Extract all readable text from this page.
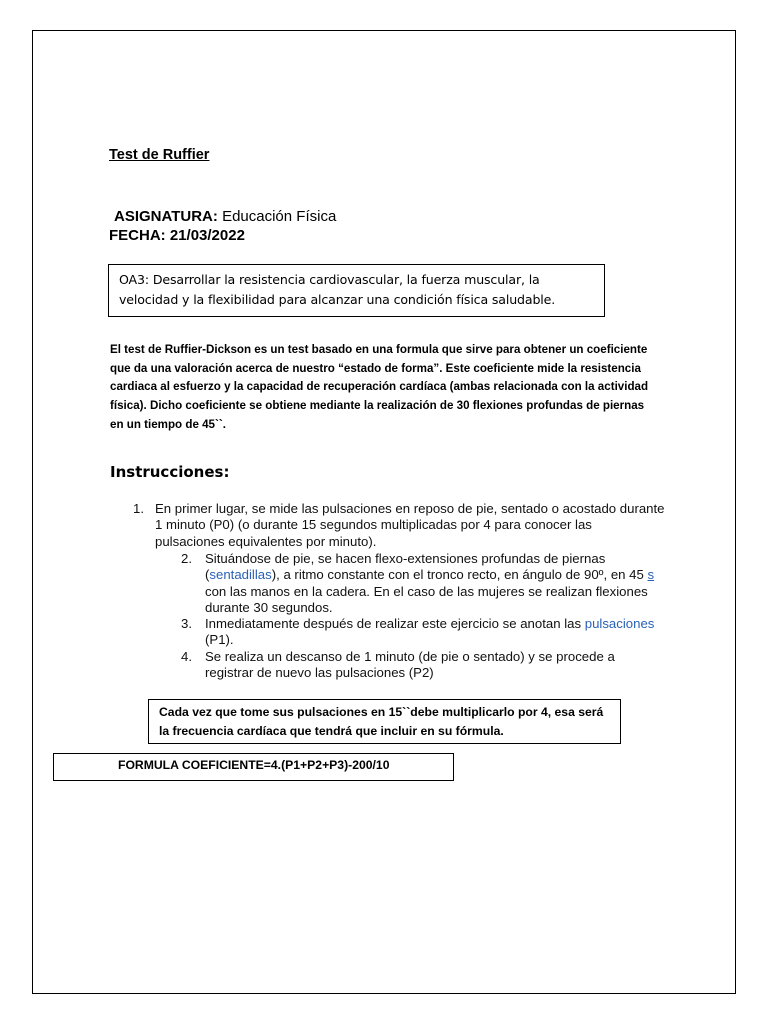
Test de Ruffier
ASIGNATURA: Educación Física
FECHA: 21/03/2022
OA3: Desarrollar la resistencia cardiovascular, la fuerza muscular, la velocidad y la flexibilidad para alcanzar una condición física saludable.
El test de Ruffier-Dickson es un test basado en una formula que sirve para obtener un coeficiente que da una valoración acerca de nuestro “estado de forma”. Este coeficiente mide la resistencia cardiaca al esfuerzo y la capacidad de recuperación cardíaca (ambas relacionada con la actividad física). Dicho coeficiente se obtiene mediante la realización de 30 flexiones profundas de piernas en un tiempo de 45``.
Instrucciones:
1. En primer lugar, se mide las pulsaciones en reposo de pie, sentado o acostado durante 1 minuto (P0) (o durante 15 segundos multiplicadas por 4 para conocer las pulsaciones equivalentes por minuto).
2. Situándose de pie, se hacen flexo-extensiones profundas de piernas (sentadillas), a ritmo constante con el tronco recto, en ángulo de 90º, en 45 s con las manos en la cadera. En el caso de las mujeres se realizan flexiones durante 30 segundos.
3. Inmediatamente después de realizar este ejercicio se anotan las pulsaciones (P1).
4. Se realiza un descanso de 1 minuto (de pie o sentado) y se procede a registrar de nuevo las pulsaciones (P2)
Cada vez que tome sus pulsaciones en 15``debe multiplicarlo por 4, esa será la frecuencia cardíaca que tendrá que incluir en su fórmula.
FORMULA COEFICIENTE=4.(P1+P2+P3)-200/10
